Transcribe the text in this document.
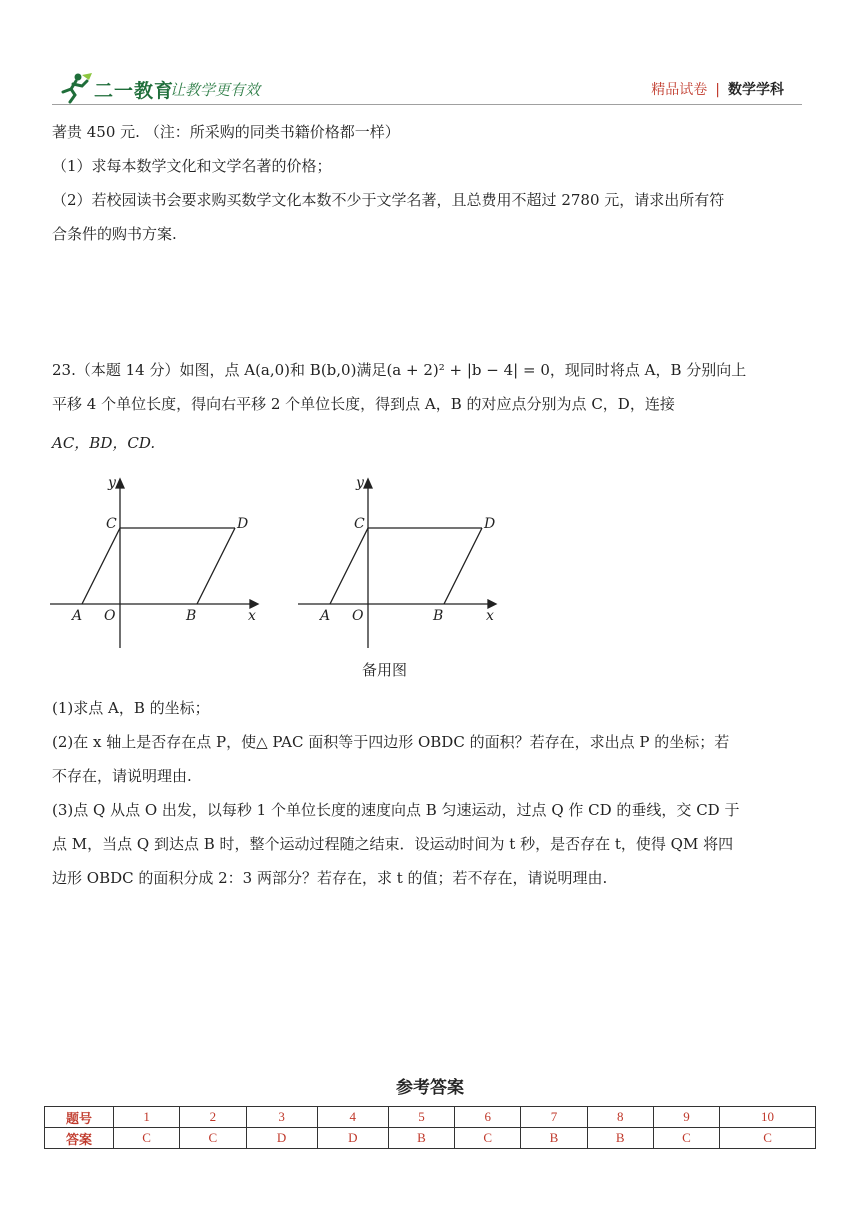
二一教育
让教学更有效	精品试卷 | 数学学科
著贵 450 元. （注：所采购的同类书籍价格都一样）
（1）求每本数学文化和文学名著的价格；
（2）若校园读书会要求购买数学文化本数不少于文学名著，且总费用不超过 2780 元，请求出所有符
合条件的购书方案.
23.（本题 14 分）如图，点 A(a,0)和 B(b,0)满足(a + 2)² + |b − 4| = 0，现同时将点 A，B 分别向上
平移 4 个单位长度，得向右平移 2 个单位长度，得到点 A，B 的对应点分别为点 C，D，连接
AC，BD，CD.
y
x
C	D
A O	B
y
x
C	D
A O	B
备用图
(1)求点 A，B 的坐标；
(2)在 x 轴上是否存在点 P，使△ PAC 面积等于四边形 OBDC 的面积？若存在，求出点 P 的坐标；若
不存在，请说明理由.
(3)点 Q 从点 O 出发，以每秒 1 个单位长度的速度向点 B 匀速运动，过点 Q 作 CD 的垂线，交 CD 于
点 M，当点 Q 到达点 B 时，整个运动过程随之结束．设运动时间为 t 秒，是否存在 t，使得 QM 将四
边形 OBDC 的面积分成 2：3 两部分？若存在，求 t 的值；若不存在，请说明理由.
参考答案
题号	1	2	3	4	5	6	7	8	9	10
答案	C	C	D	D	B	C	B	B	C	C
